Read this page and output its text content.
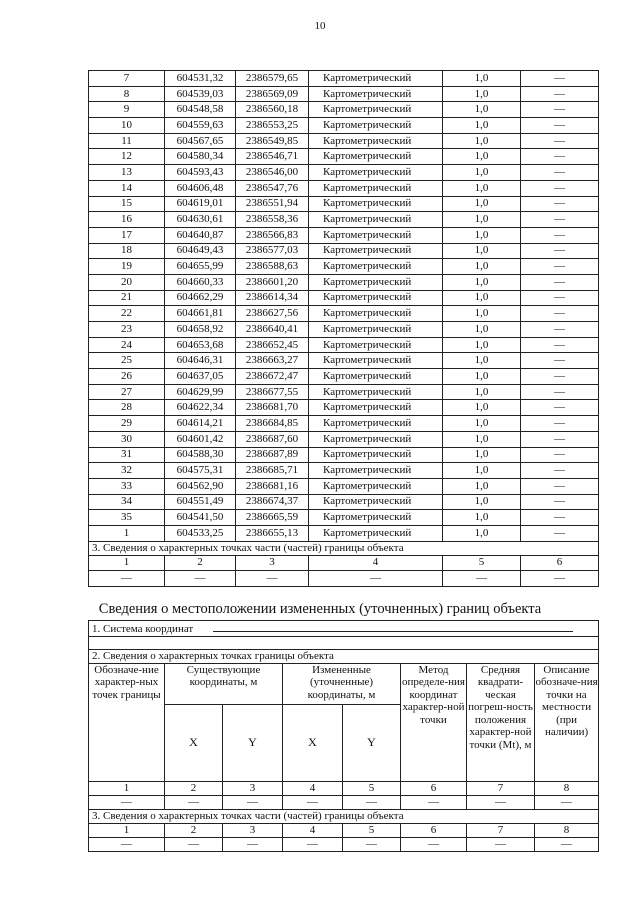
10
7	604531,32	2386579,65	Картометрический	1,0	—
8	604539,03	2386569,09	Картометрический	1,0	—
9	604548,58	2386560,18	Картометрический	1,0	—
10	604559,63	2386553,25	Картометрический	1,0	—
11	604567,65	2386549,85	Картометрический	1,0	—
12	604580,34	2386546,71	Картометрический	1,0	—
13	604593,43	2386546,00	Картометрический	1,0	—
14	604606,48	2386547,76	Картометрический	1,0	—
15	604619,01	2386551,94	Картометрический	1,0	—
16	604630,61	2386558,36	Картометрический	1,0	—
17	604640,87	2386566,83	Картометрический	1,0	—
18	604649,43	2386577,03	Картометрический	1,0	—
19	604655,99	2386588,63	Картометрический	1,0	—
20	604660,33	2386601,20	Картометрический	1,0	—
21	604662,29	2386614,34	Картометрический	1,0	—
22	604661,81	2386627,56	Картометрический	1,0	—
23	604658,92	2386640,41	Картометрический	1,0	—
24	604653,68	2386652,45	Картометрический	1,0	—
25	604646,31	2386663,27	Картометрический	1,0	—
26	604637,05	2386672,47	Картометрический	1,0	—
27	604629,99	2386677,55	Картометрический	1,0	—
28	604622,34	2386681,70	Картометрический	1,0	—
29	604614,21	2386684,85	Картометрический	1,0	—
30	604601,42	2386687,60	Картометрический	1,0	—
31	604588,30	2386687,89	Картометрический	1,0	—
32	604575,31	2386685,71	Картометрический	1,0	—
33	604562,90	2386681,16	Картометрический	1,0	—
34	604551,49	2386674,37	Картометрический	1,0	—
35	604541,50	2386665,59	Картометрический	1,0	—
1	604533,25	2386655,13	Картометрический	1,0	—
3. Сведения о характерных точках части (частей) границы объекта					
1	2	3	4	5	6
—	—	—	—	—	—
Сведения о местоположении измененных (уточненных) границ объекта
1. Система координат							

2. Сведения о характерных точках границы объекта							
Обозначе-ние характер-ных точек границы	Существующие координаты, м		Измененные (уточненные) координаты, м		Метод определе-ния координат характер-ной точки	Средняя квадрати-ческая погреш-ность положения характер-ной точки (Mt), м	Описание обозначе-ния точки на местности (при наличии)
	X	Y	X	Y			
1	2	3	4	5	6	7	8
—	—	—	—	—	—	—	—
3. Сведения о характерных точках части (частей) границы объекта							
1	2	3	4	5	6	7	8
—	—	—	—	—	—	—	—
